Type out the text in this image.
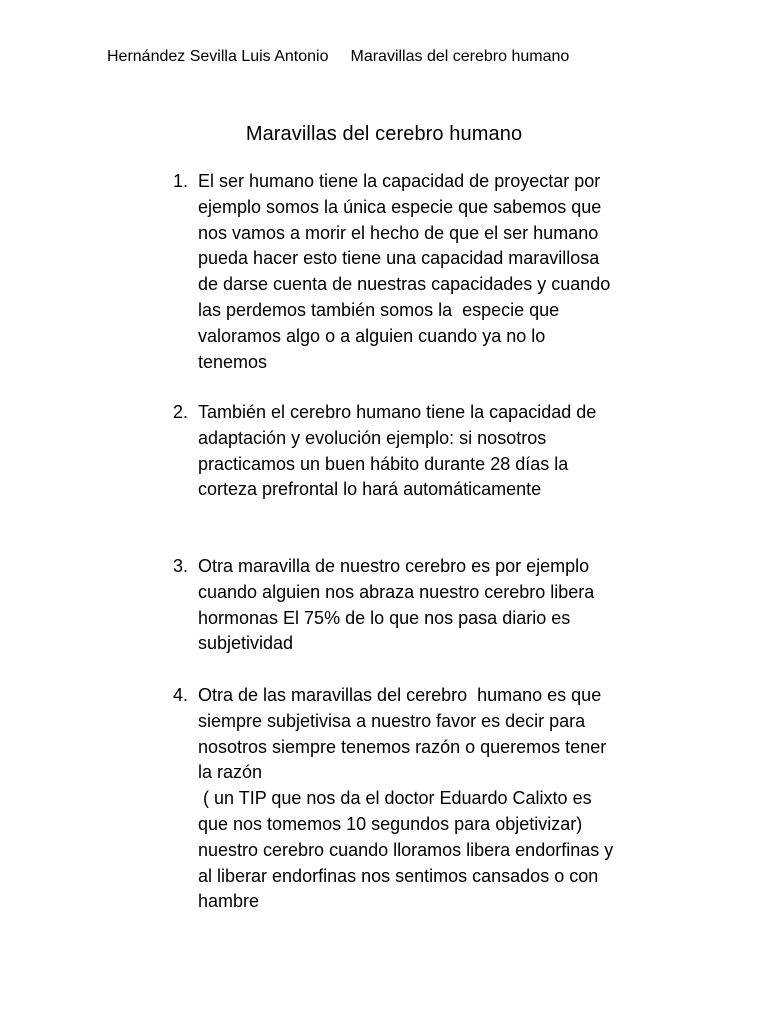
Hernández Sevilla Luis Antonio Maravillas del cerebro humano
Maravillas del cerebro humano
1. El ser humano tiene la capacidad de proyectar por
ejemplo somos la única especie que sabemos que
nos vamos a morir el hecho de que el ser humano
pueda hacer esto tiene una capacidad maravillosa
de darse cuenta de nuestras capacidades y cuando
las perdemos también somos la  especie que
valoramos algo o a alguien cuando ya no lo
tenemos
2. También el cerebro humano tiene la capacidad de
adaptación y evolución ejemplo: si nosotros
practicamos un buen hábito durante 28 días la
corteza prefrontal lo hará automáticamente
3. Otra maravilla de nuestro cerebro es por ejemplo
cuando alguien nos abraza nuestro cerebro libera
hormonas El 75% de lo que nos pasa diario es
subjetividad
4. Otra de las maravillas del cerebro  humano es que
siempre subjetivisa a nuestro favor es decir para
nosotros siempre tenemos razón o queremos tener
la razón
( un TIP que nos da el doctor Eduardo Calixto es
que nos tomemos 10 segundos para objetivizar)
nuestro cerebro cuando lloramos libera endorfinas y
al liberar endorfinas nos sentimos cansados o con
hambre
